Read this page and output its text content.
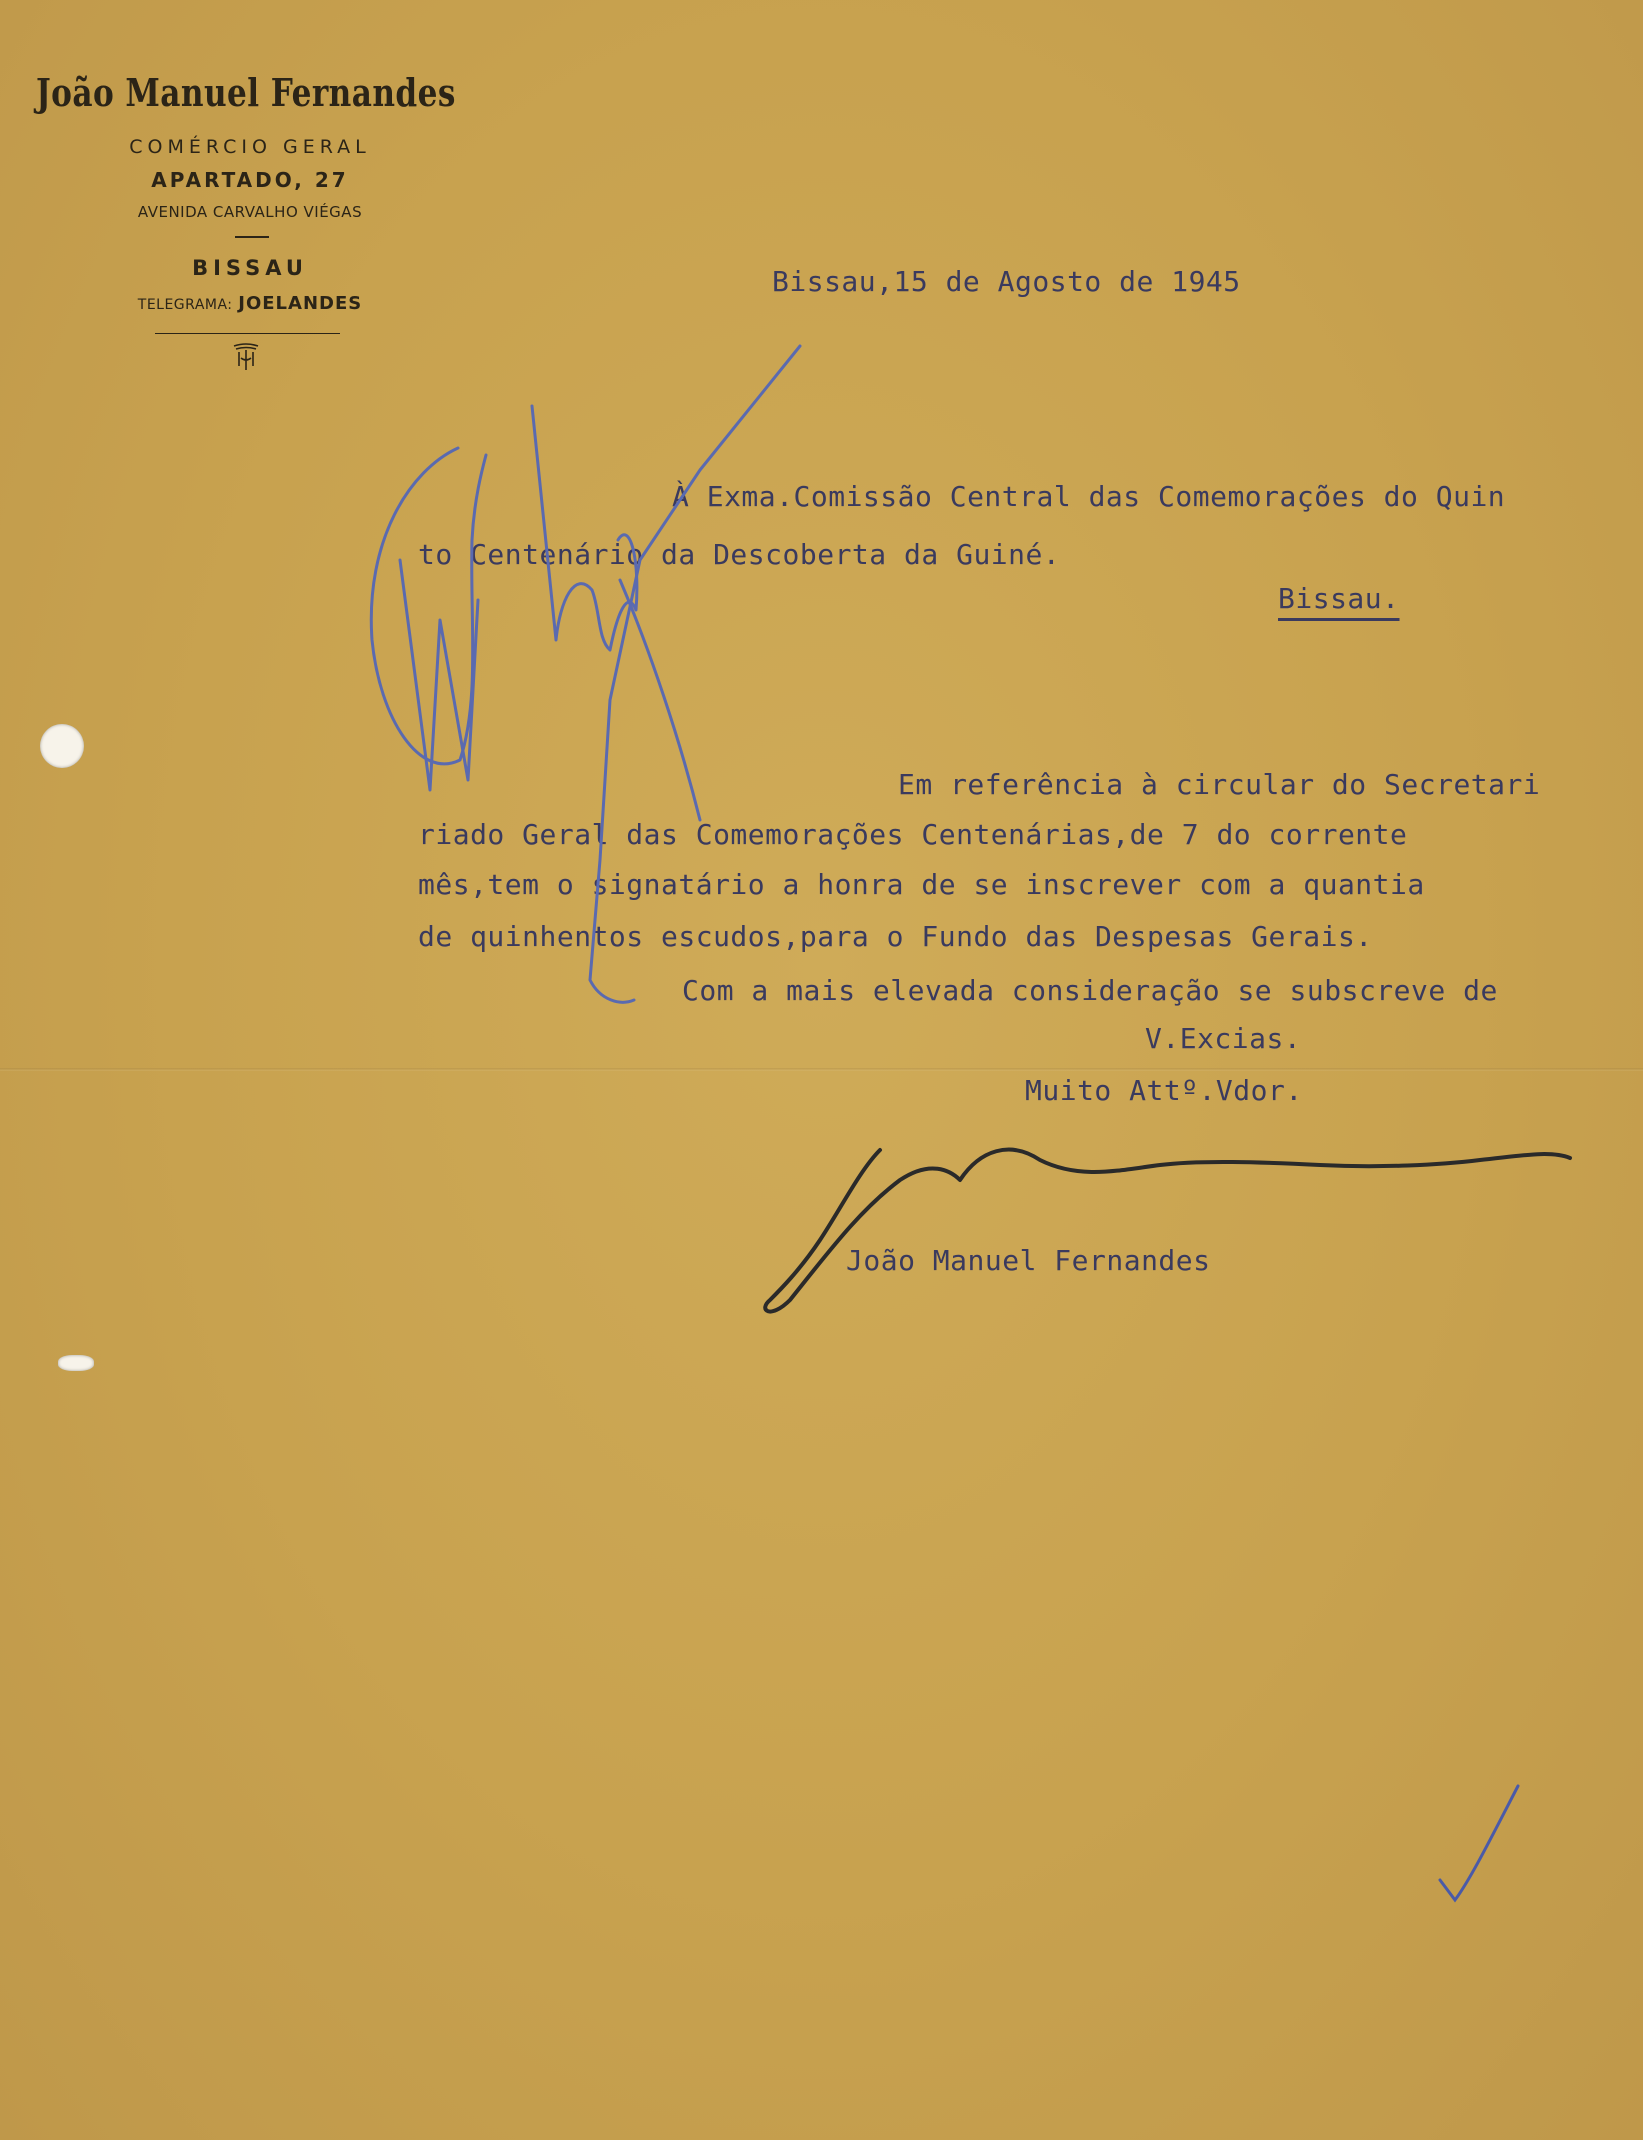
João Manuel Fernandes
COMÉRCIO GERAL
APARTADO, 27
AVENIDA CARVALHO VIÉGAS
BISSAU
TELEGRAMA: JOELANDES
Bissau,15 de Agosto de 1945
À Exma.Comissão Central das Comemorações do Quin
to Centenário da Descoberta da Guiné.
Bissau.
Em referência à circular do Secretari
riado Geral das Comemorações Centenárias,de 7 do corrente
mês,tem o signatário a honra de se inscrever com a quantia
de quinhentos escudos,para o Fundo das Despesas Gerais.
Com a mais elevada consideração se subscreve de
V.Excias.
Muito Attº.Vdor.
João Manuel Fernandes
